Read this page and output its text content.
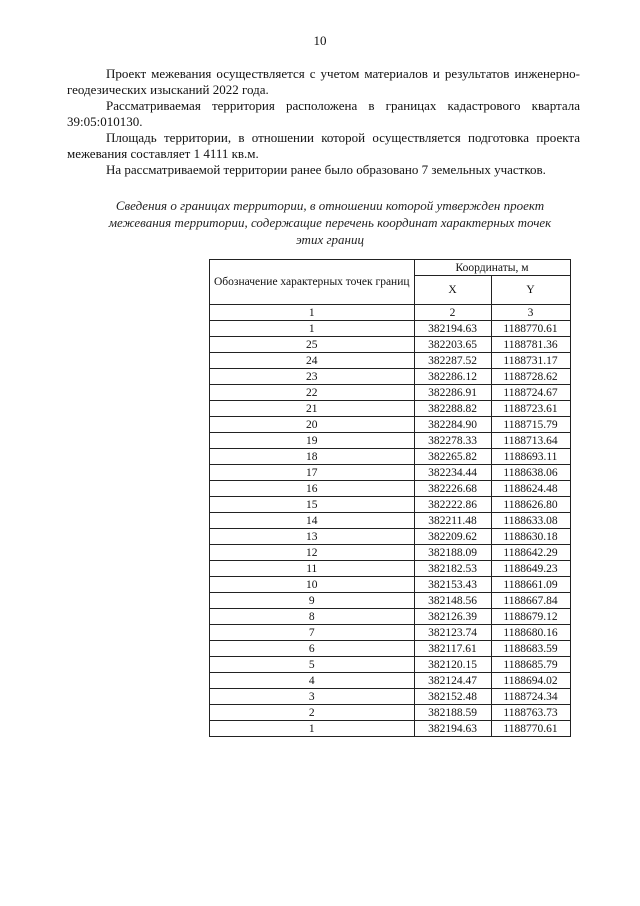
10

Проект межевания осуществляется с учетом материалов и результатов инженерно-геодезических изысканий 2022 года.

Рассматриваемая территория расположена в границах кадастрового квартала 39:05:010130.

Площадь территории, в отношении которой осуществляется подготовка проекта межевания составляет 1 4111 кв.м.

На рассматриваемой территории ранее было образовано 7 земельных участков.

Сведения о границах территории, в отношении которой утвержден проект межевания территории, содержащие перечень координат характерных точек этих границ
Обозначение характерных точек границ	Координаты, м	
	X	Y
1	2	3
1	382194.63	1188770.61
25	382203.65	1188781.36
24	382287.52	1188731.17
23	382286.12	1188728.62
22	382286.91	1188724.67
21	382288.82	1188723.61
20	382284.90	1188715.79
19	382278.33	1188713.64
18	382265.82	1188693.11
17	382234.44	1188638.06
16	382226.68	1188624.48
15	382222.86	1188626.80
14	382211.48	1188633.08
13	382209.62	1188630.18
12	382188.09	1188642.29
11	382182.53	1188649.23
10	382153.43	1188661.09
9	382148.56	1188667.84
8	382126.39	1188679.12
7	382123.74	1188680.16
6	382117.61	1188683.59
5	382120.15	1188685.79
4	382124.47	1188694.02
3	382152.48	1188724.34
2	382188.59	1188763.73
1	382194.63	1188770.61
